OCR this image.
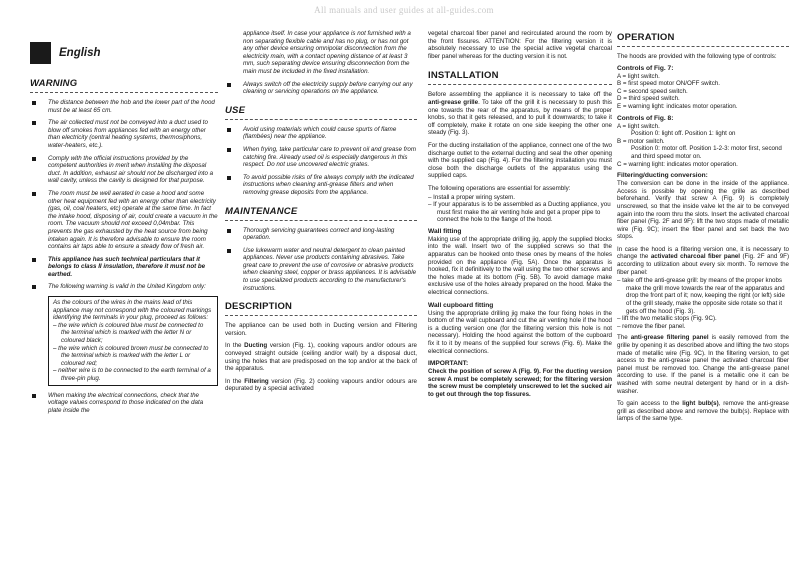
All manuals and user guides at all-guides.com
English
WARNING
The distance between the hob and the lower part of the hood must be at least 65 cm.
The air collected must not be conveyed into a duct used to blow off smokes from appliances fed with an energy other than electricity (central heating systems, thermosiphons, water-heaters, etc.).
Comply with the official instructions provided by the competent authorities in merit when installing the disposal duct. In addition, exhaust air should not be discharged into a wall cavity, unless the cavity is designed for that purpose.
The room must be well aerated in case a hood and some other heat equipment fed with an energy other than electricity (gas, oil, coal heaters, etc) operate at the same time. In fact the intake hood, disposing of air, could create a vacuum in the room. The vacuum should not exceed 0,04mbar. This prevents the gas exhausted by the heat source from being intaken again. It is therefore advisable to ensure the room contains air taps able to ensure a steady flow of fresh air.
This appliance has such technical particulars that it belongs to class II insulation, therefore it must not be earthed.
The following warning is valid in the United Kingdom only:
As the colours of the wires in the mains lead of this appliance may not correspond with the coloured markings identifying the terminals in your plug, proceed as follows:
– the wire which is coloured blue must be connected to the terminal which is marked with the letter N or coloured black;
– the wire which is coloured brown must be connected to the terminal which is marked with the letter L or coloured red;
– neither wire is to be connected to the earth terminal of a three-pin plug.
When making the electrical connections, check that the voltage values correspond to those indicated on the data plate inside the
appliance itself. In case your appliance is not furnished with a non separating flexible cable and has no plug, or has not got any other device ensuring omnipolar disconnection from the electricity main, with a contact opening distance of at least 3 mm, such separating device ensuring disconnection from the main must be included in the fixed installation.
Always switch off the electricity supply before carrying out any cleaning or servicing operations on the appliance.
USE
Avoid using materials which could cause spurts of flame (flambées) near the appliance.
When frying, take particular care to prevent oil and grease from catching fire. Already used oil is especially dangerous in this respect. Do not use uncovered electric grates.
To avoid possible risks of fire always comply with the indicated instructions when cleaning anti-grease filters and when removing grease deposits from the appliance.
MAINTENANCE
Thorough servicing guarantees correct and long-lasting operation.
Use lukewarm water and neutral detergent to clean painted appliances. Never use products containing abrasives. Take great care to prevent the use of corrosive or abrasive products when cleaning steel, copper or brass appliances. It is advisable to use specialized products according to the manufacturer's instructions.
DESCRIPTION
The appliance can be used both in Ducting version and Filtering version.
In the Ducting version (Fig. 1), cooking vapours and/or odours are conveyed straight outside (ceiling and/or wall) by a disposal duct, using the holes that are predisposed on the top and/or at the back of the apparatus.
In the Filtering version (Fig. 2) cooking vapours and/or odours are depurated by a special activated
vegetal charcoal fiber panel and recirculated around the room by the front fissures. ATTENTION: For the filtering version it is absolutely necessary to use the special active vegetal charcoal fiber panel whereas for the ducting version it is not.
INSTALLATION
Before assembling the appliance it is necessary to take off the anti-grease grille. To take off the grill it is necessary to push this one towards the rear of the apparatus, by means of the proper knobs, so that it gets released, and to pull it downwards; to take it off completely, make it rotate on one side keeping the other one steady (Fig. 3).
For the ducting installation of the appliance, connect one of the two discharge outlet to the external ducting and seal the other opening with the supplied cap (Fig. 4). For the filtering installation you must close both the discharge outlets of the apparatus using the supplied caps.
The following operations are essential for assembly:
– Install a proper wiring system.
– If your apparatus is to be assembled as a Ducting appliance, you must first make the air venting hole and get a proper pipe to connect the hole to the flange of the hood.
Wall fitting
Making use of the appropriate drilling jig, apply the supplied blocks into the wall. Insert two of the supplied screws so that the apparatus can be hooked onto these ones by means of the holes provided on the appliance (Fig. 5A). Once the apparatus is hooked, fix it definitively to the wall using the two other screws and the holes made at its bottom (Fig. 5B). To avoid damage make exclusive use of the holes already prepared on the hood. Make the electrical connections.
Wall cupboard fitting
Using the appropriate drilling jig make the four fixing holes in the bottom of the wall cupboard and cut the air venting hole if the hood is a ducting version one (for the filtering version this hole is not necessary). Holding the hood against the bottom of the cupboard fix it to it by means of the supplied four screws (Fig. 6). Make the electrical connections.
IMPORTANT:
Check the position of screw A (Fig. 9). For the ducting version screw A must be completely screwed; for the filtering version the screw must be completely unscrewed to let the sucked air to get out through the top fissures.
OPERATION
The hoods are provided with the following type of controls:
Controls of Fig. 7:
A = light switch.
B = first speed motor ON/OFF switch.
C = second speed switch.
D = third speed switch.
E = warning light: indicates motor operation.
Controls of Fig. 8:
A = light switch.
Position 0: light off. Position 1: light on
B = motor switch.
Position 0: motor off. Position 1-2-3: motor first, second and third speed motor on.
C = warning light: indicates motor operation.
Filtering/ducting conversion:
The conversion can be done in the inside of the appliance. Access is possible by opening the grille as described beforehand. Verify that screw A (Fig. 9) is completely unscrewed, so that the inside valve let the air to be conveyed again into the room thru the slots. Insert the activated charcoal fiber panel (Fig. 2F and 9F): lift the two stops made of metallic wire (Fig. 9C); insert the fiber panel and set back the two stops.
In case the hood is a filtering version one, it is necessary to change the activated charcoal fiber panel (Fig. 2F and 9F) according to utilization about every six month. To remove the fiber panel:
– take off the anti-grease grill: by means of the proper knobs make the grill move towards the rear of the apparatus and drop the front part of it; now, keeping the right (or left) side of the grill steady, make the opposite side rotate so that it gets off the hood (Fig. 3).
– lift the two metallic stops (Fig. 9C).
– remove the fiber panel.
The anti-grease filtering panel is easily removed from the grille by opening it as described above and lifting the two stops made of metallic wire (Fig. 9C). In the filtering version, to get access to the anti-grease panel the activated charcoal fiber panel must be removed too. Change the anti-grease panel according to use. If the panel is a metallic one it can be washed with some neutral detergent by hand or in a dish-washer.
To gain access to the light bulb(s), remove the anti-grease grill as described above and remove the bulb(s). Replace with lamps of the same type.
